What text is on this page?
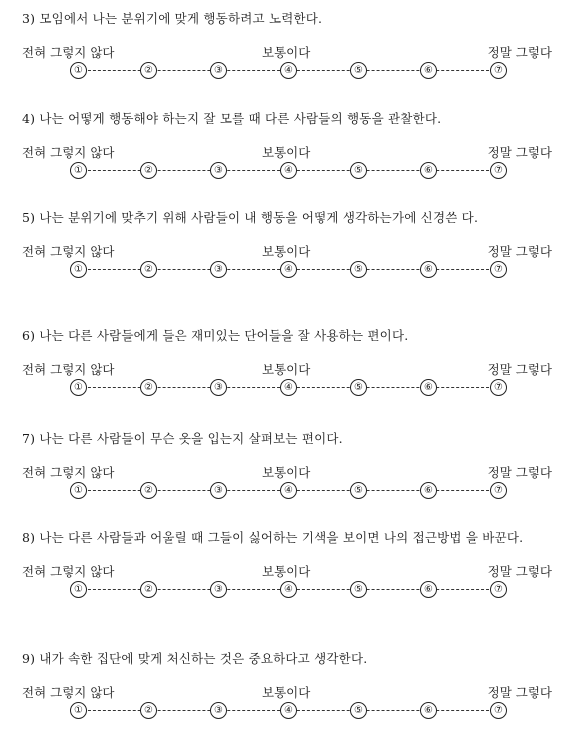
3) 모임에서 나는 분위기에 맞게 행동하려고 노력한다.

전혀 그렇지 않다	보통이다	정말 그렇다
①	②	③	④	⑤	⑥	⑦

4) 나는 어떻게 행동해야 하는지 잘 모를 때 다른 사람들의 행동을 관찰한다.

전혀 그렇지 않다	보통이다	정말 그렇다
①	②	③	④	⑤	⑥	⑦

5) 나는 분위기에 맞추기 위해 사람들이 내 행동을 어떻게 생각하는가에 신경쓴 다.

전혀 그렇지 않다	보통이다	정말 그렇다
①	②	③	④	⑤	⑥	⑦

6) 나는 다른 사람들에게 들은 재미있는 단어들을 잘 사용하는 편이다.

전혀 그렇지 않다	보통이다	정말 그렇다
①	②	③	④	⑤	⑥	⑦

7) 나는 다른 사람들이 무슨 옷을 입는지 살펴보는 편이다.

전혀 그렇지 않다	보통이다	정말 그렇다
①	②	③	④	⑤	⑥	⑦

8) 나는 다른 사람들과 어울릴 때 그들이 싫어하는 기색을 보이면 나의 접근방법 을 바꾼다.

전혀 그렇지 않다	보통이다	정말 그렇다
①	②	③	④	⑤	⑥	⑦

9) 내가 속한 집단에 맞게 처신하는 것은 중요하다고 생각한다.

전혀 그렇지 않다	보통이다	정말 그렇다
①	②	③	④	⑤	⑥	⑦
